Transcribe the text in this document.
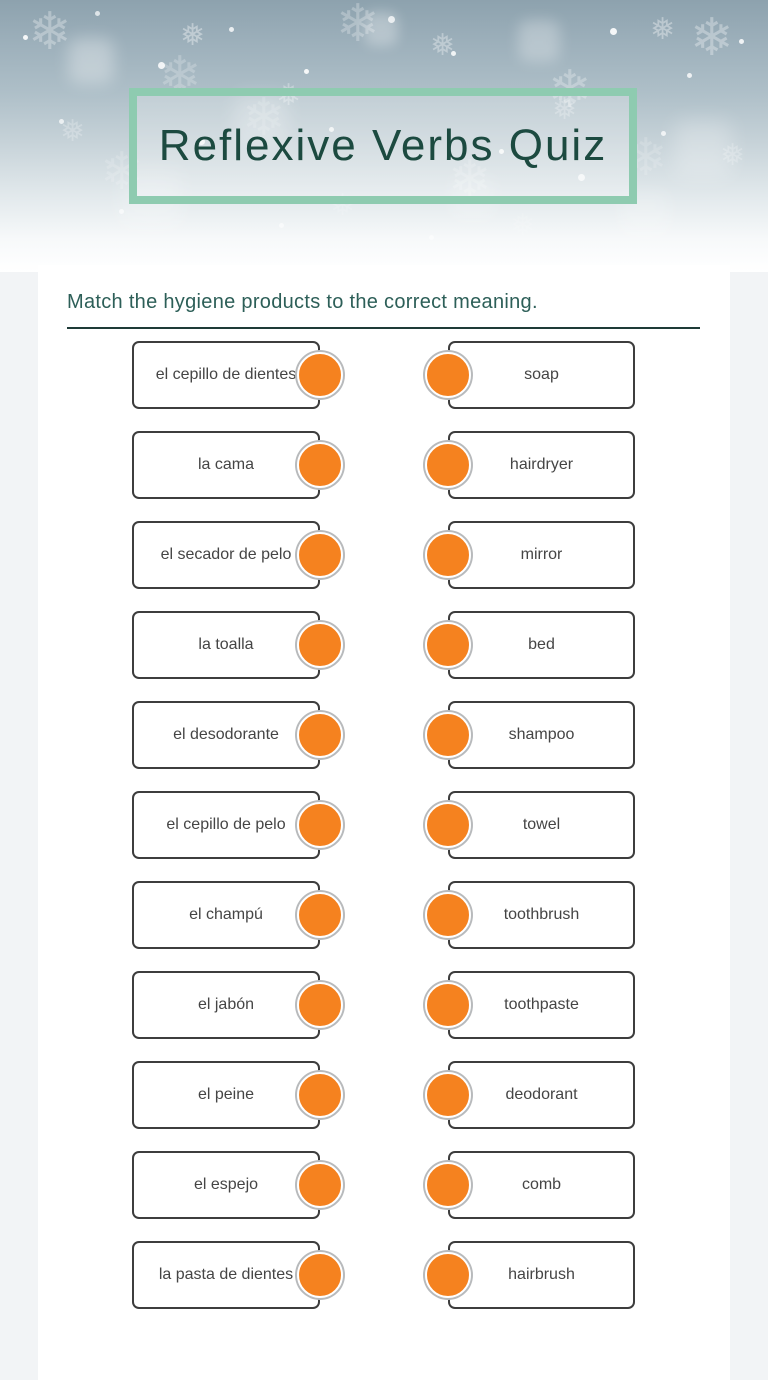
❄
❅
Reflexive Verbs Quiz
Match the hygiene products to the correct meaning.
el cepillo de dientes	soap
la cama	hairdryer
el secador de pelo	mirror
la toalla	bed
el desodorante	shampoo
el cepillo de pelo	towel
el champú	toothbrush
el jabón	toothpaste
el peine	deodorant
el espejo	comb
la pasta de dientes	hairbrush
